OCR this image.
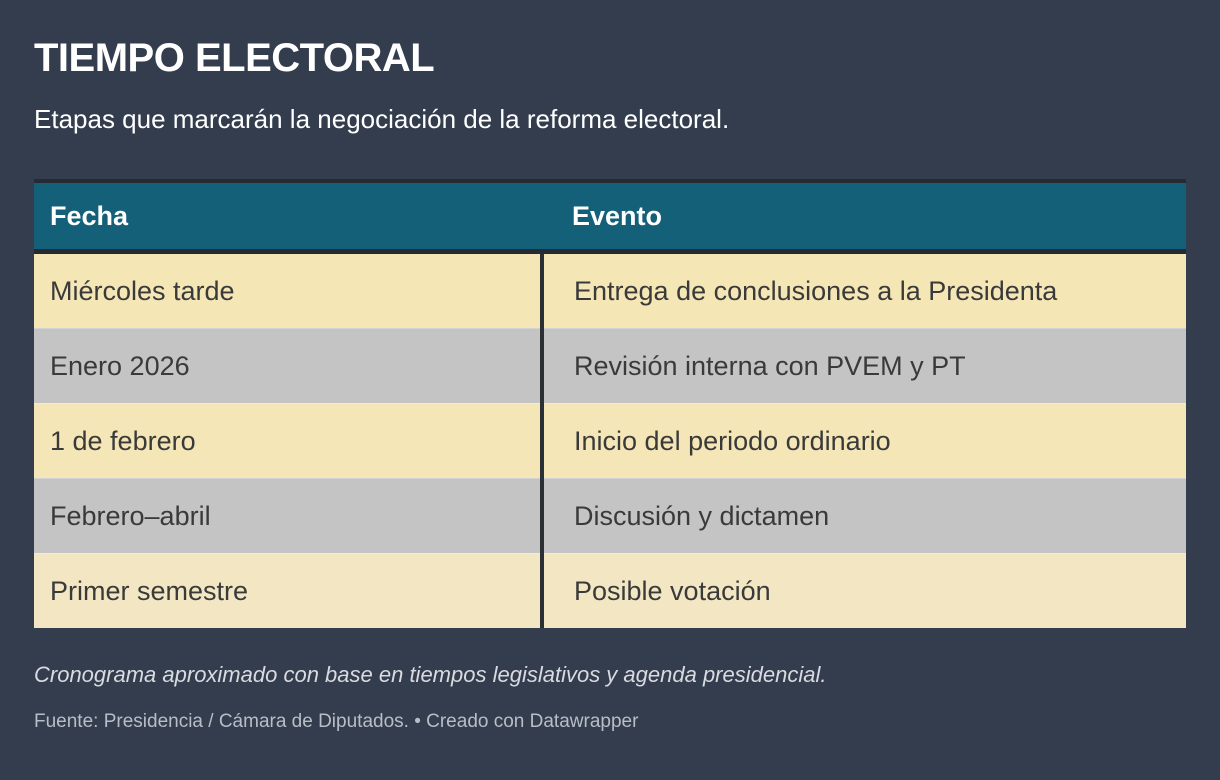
TIEMPO ELECTORAL

Etapas que marcarán la negociación de la reforma electoral.

Fecha	Evento
Miércoles tarde	Entrega de conclusiones a la Presidenta
Enero 2026	Revisión interna con PVEM y PT
1 de febrero	Inicio del periodo ordinario
Febrero–abril	Discusión y dictamen
Primer semestre	Posible votación

Cronograma aproximado con base en tiempos legislativos y agenda presidencial.

Fuente: Presidencia / Cámara de Diputados. • Creado con Datawrapper
